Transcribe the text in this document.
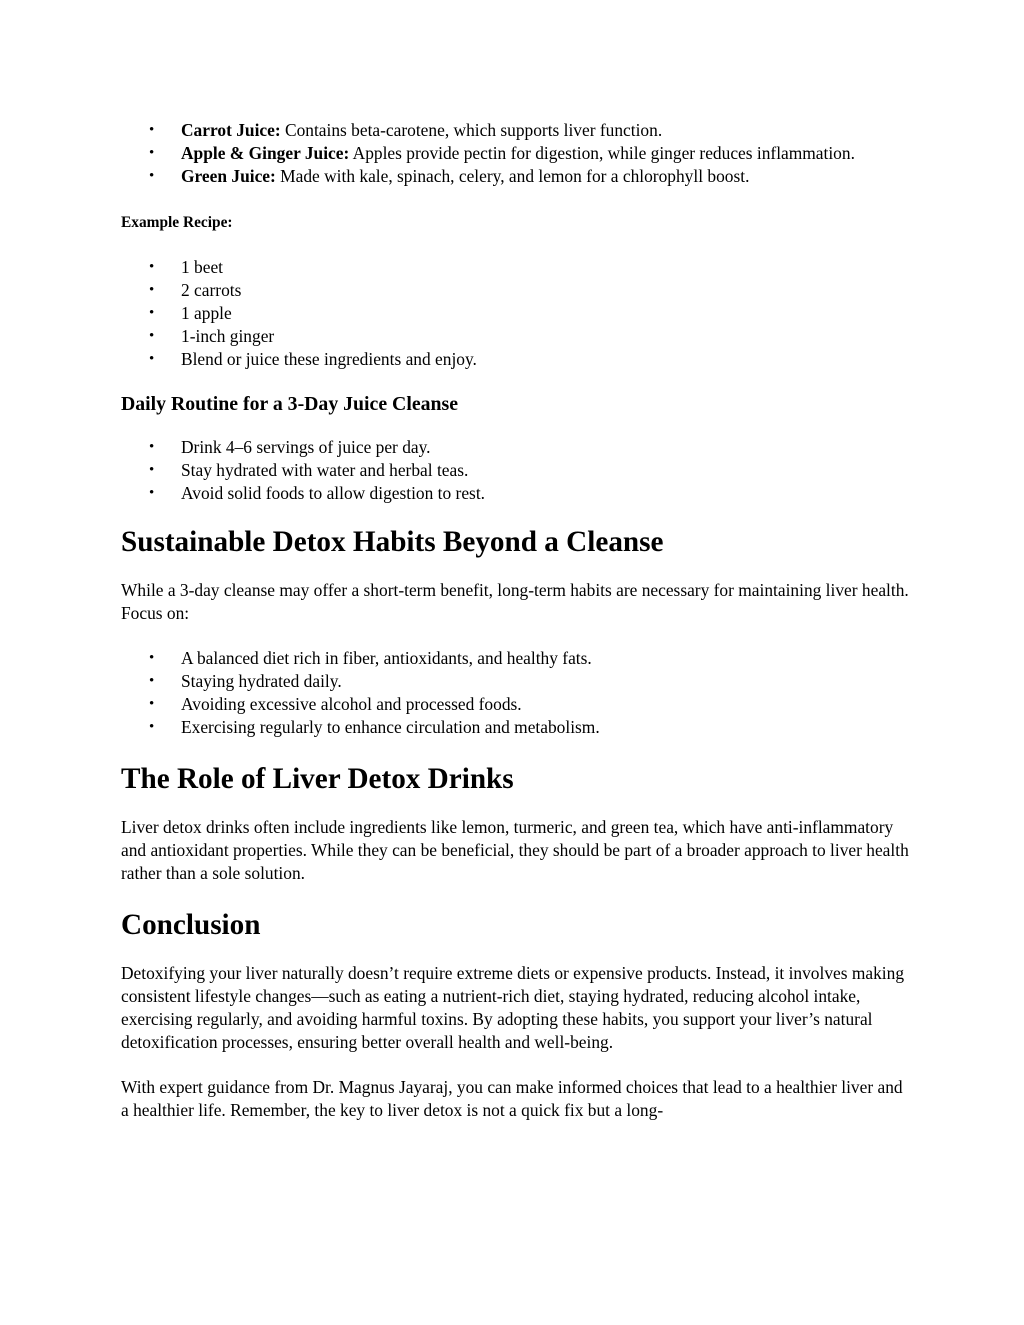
• Carrot Juice: Contains beta-carotene, which supports liver function.
• Apple & Ginger Juice: Apples provide pectin for digestion, while ginger reduces inflammation.
• Green Juice: Made with kale, spinach, celery, and lemon for a chlorophyll boost.

Example Recipe:

• 1 beet
• 2 carrots
• 1 apple
• 1-inch ginger
• Blend or juice these ingredients and enjoy.
Daily Routine for a 3-Day Juice Cleanse
• Drink 4–6 servings of juice per day.
• Stay hydrated with water and herbal teas.
• Avoid solid foods to allow digestion to rest.
Sustainable Detox Habits Beyond a Cleanse

While a 3-day cleanse may offer a short-term benefit, long-term habits are necessary for maintaining liver health. Focus on:

• A balanced diet rich in fiber, antioxidants, and healthy fats.
• Staying hydrated daily.
• Avoiding excessive alcohol and processed foods.
• Exercising regularly to enhance circulation and metabolism.
The Role of Liver Detox Drinks

Liver detox drinks often include ingredients like lemon, turmeric, and green tea, which have anti-inflammatory and antioxidant properties. While they can be beneficial, they should be part of a broader approach to liver health rather than a sole solution.

Conclusion

Detoxifying your liver naturally doesn’t require extreme diets or expensive products. Instead, it involves making consistent lifestyle changes—such as eating a nutrient-rich diet, staying hydrated, reducing alcohol intake, exercising regularly, and avoiding harmful toxins. By adopting these habits, you support your liver’s natural detoxification processes, ensuring better overall health and well-being.

With expert guidance from Dr. Magnus Jayaraj, you can make informed choices that lead to a healthier liver and a healthier life. Remember, the key to liver detox is not a quick fix but a long-
